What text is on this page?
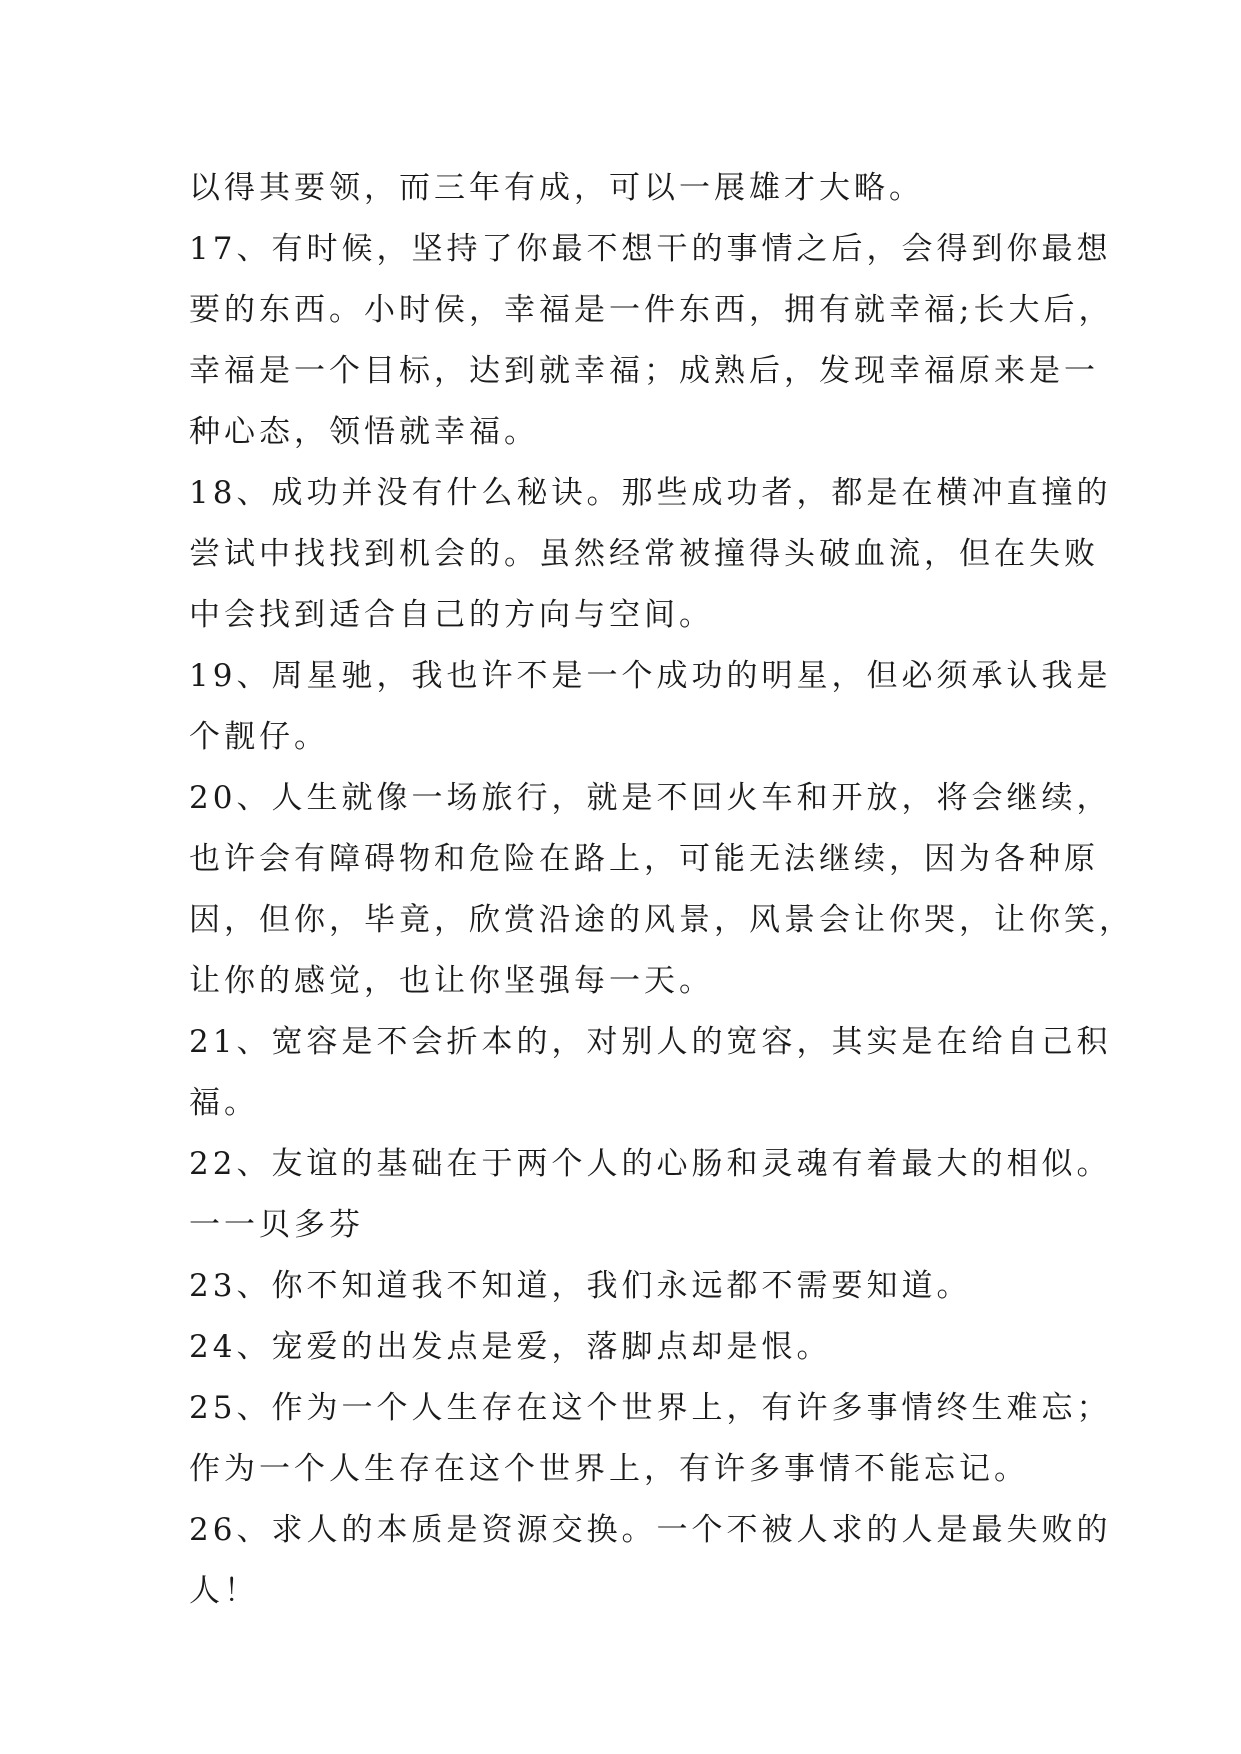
以得其要领，而三年有成，可以一展雄才大略。
17、有时候，坚持了你最不想干的事情之后，会得到你最想
要的东西。小时侯，幸福是一件东西，拥有就幸福;长大后，
幸福是一个目标，达到就幸福；成熟后，发现幸福原来是一
种心态，领悟就幸福。
18、成功并没有什么秘诀。那些成功者，都是在横冲直撞的
尝试中找找到机会的。虽然经常被撞得头破血流，但在失败
中会找到适合自己的方向与空间。
19、周星驰，我也许不是一个成功的明星，但必须承认我是
个靓仔。
20、人生就像一场旅行，就是不回火车和开放，将会继续，
也许会有障碍物和危险在路上，可能无法继续，因为各种原
因，但你，毕竟，欣赏沿途的风景，风景会让你哭，让你笑，
让你的感觉，也让你坚强每一天。
21、宽容是不会折本的，对别人的宽容，其实是在给自己积
福。
22、友谊的基础在于两个人的心肠和灵魂有着最大的相似。
一一贝多芬
23、你不知道我不知道，我们永远都不需要知道。
24、宠爱的出发点是爱，落脚点却是恨。
25、作为一个人生存在这个世界上，有许多事情终生难忘；
作为一个人生存在这个世界上，有许多事情不能忘记。
26、求人的本质是资源交换。一个不被人求的人是最失败的
人！
